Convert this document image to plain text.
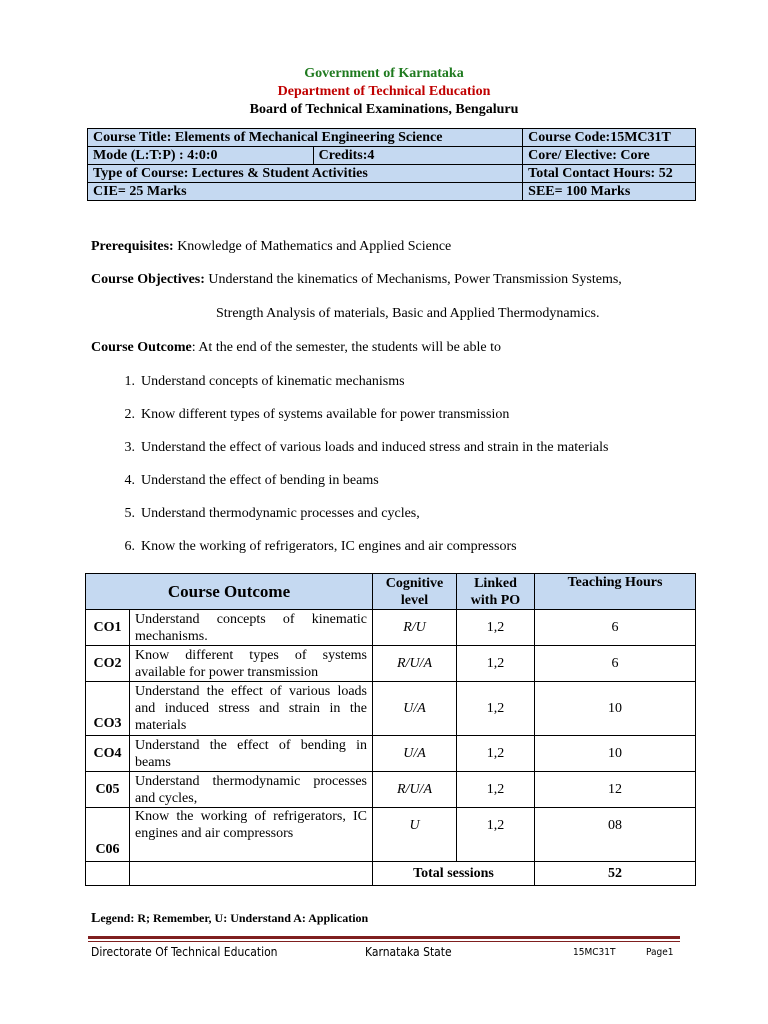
Government of Karnataka
Department of Technical Education
Board of Technical Examinations, Bengaluru
Course Title: Elements of Mechanical Engineering Science		Course Code:15MC31T
Mode (L:T:P) : 4:0:0	Credits:4	Core/ Elective: Core
Type of Course: Lectures & Student Activities		Total Contact Hours: 52
CIE= 25 Marks		SEE= 100 Marks
Prerequisites: Knowledge of Mathematics and Applied Science
Course Objectives: Understand the kinematics of Mechanisms, Power Transmission Systems,
Strength Analysis of materials, Basic and Applied Thermodynamics.
Course Outcome: At the end of the semester, the students will be able to
1. Understand concepts of kinematic mechanisms
2. Know different types of systems available for power transmission
3. Understand the effect of various loads and induced stress and strain in the materials
4. Understand the effect of bending in beams
5. Understand thermodynamic processes and cycles,
6. Know the working of refrigerators, IC engines and air compressors
Course Outcome		Cognitive level	Linked with PO	Teaching Hours
CO1	Understand concepts of kinematic mechanisms.	R/U	1,2	6
CO2	Know different types of systems available for power transmission	R/U/A	1,2	6
CO3	Understand the effect of various loads and induced stress and strain in the materials	U/A	1,2	10
CO4	Understand the effect of bending in beams	U/A	1,2	10
C05	Understand thermodynamic processes and cycles,	R/U/A	1,2	12
C06	Know the working of refrigerators, IC engines and air compressors	U	1,2	08
		Total sessions		52
Legend: R; Remember, U: Understand A: Application
Directorate Of Technical Education	Karnataka State	15MC31T	Page1
